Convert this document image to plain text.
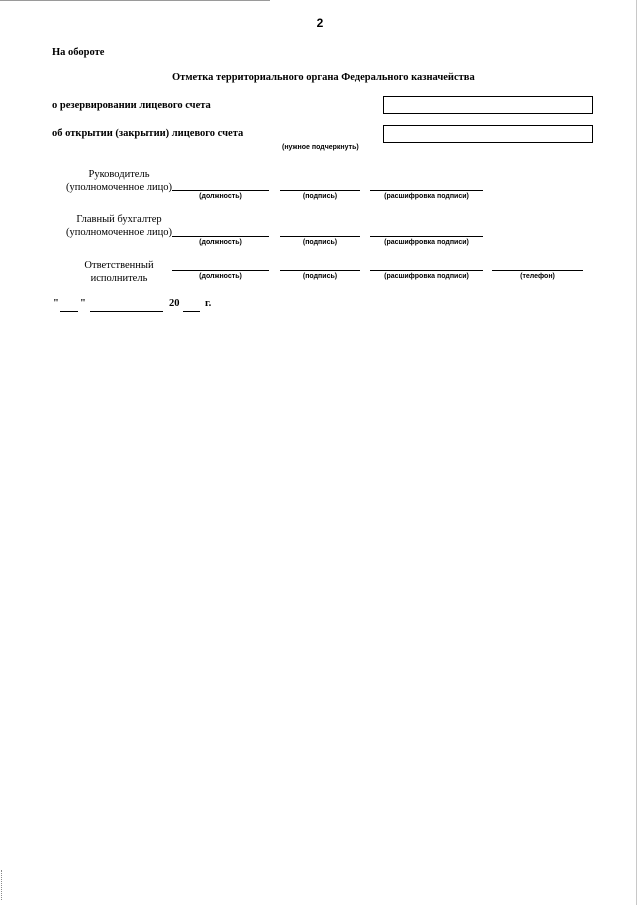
2
На обороте
Отметка территориального органа Федерального казначейства
о резервировании лицевого счета
об открытии (закрытии) лицевого счета
(нужное подчеркнуть)
Руководитель
(уполномоченное лицо)
(должность)	(подпись)	(расшифровка подписи)
Главный бухгалтер
(уполномоченное лицо)
(должность)	(подпись)	(расшифровка подписи)
Ответственный
исполнитель	(должность)	(подпись)	(расшифровка подписи)	(телефон)
" "	20 г.
